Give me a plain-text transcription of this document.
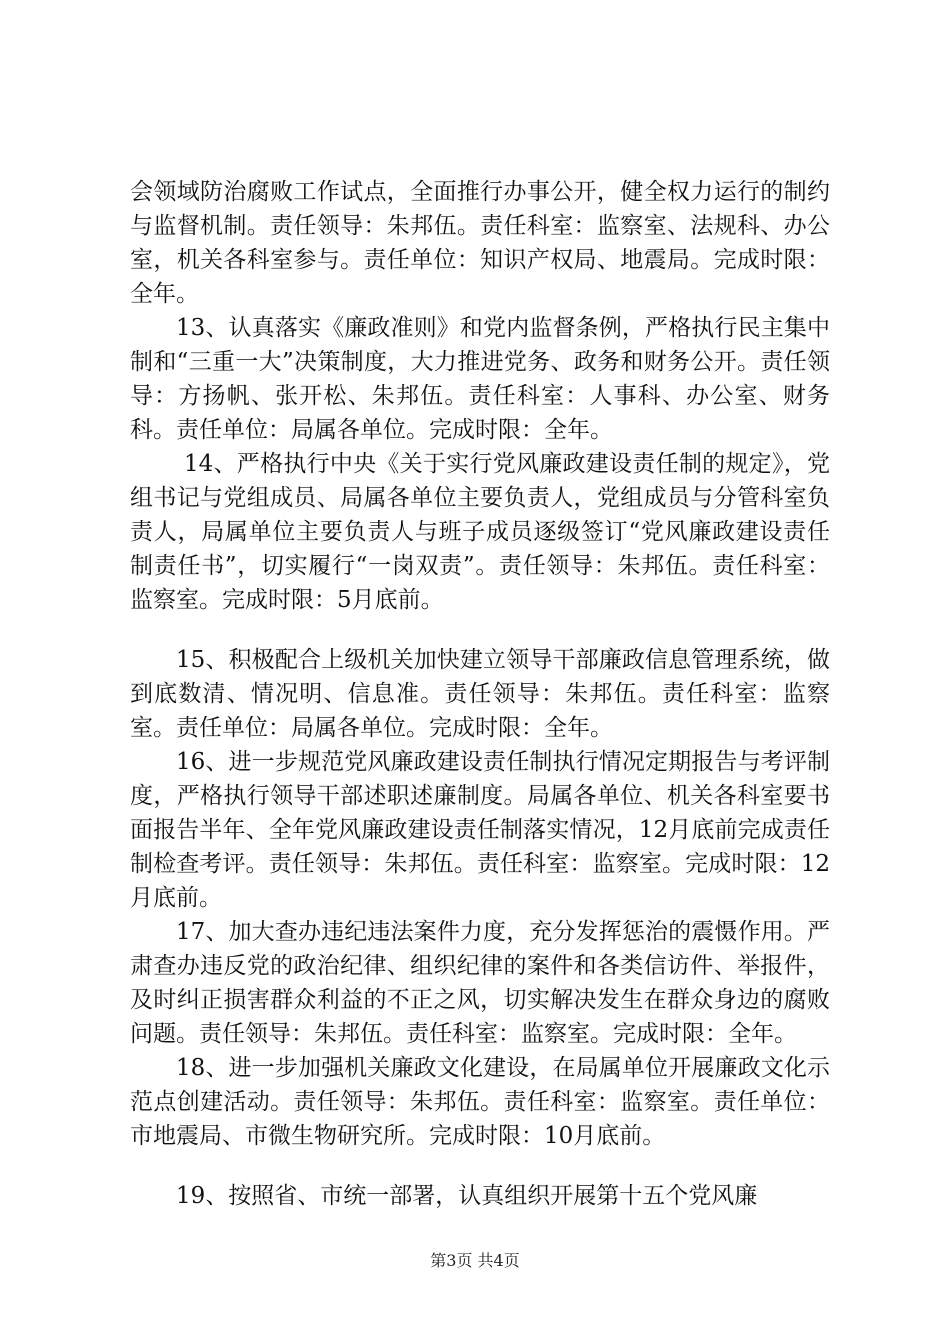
会领域防治腐败工作试点，全面推行办事公开，健全权力运行的制约与监督机制。责任领导：朱邦伍。责任科室：监察室、法规科、办公室，机关各科室参与。责任单位：知识产权局、地震局。完成时限：全年。

13、认真落实《廉政准则》和党内监督条例，严格执行民主集中制和“三重一大”决策制度，大力推进党务、政务和财务公开。责任领导：方扬帆、张开松、朱邦伍。责任科室：人事科、办公室、财务科。责任单位：局属各单位。完成时限：全年。

14、严格执行中央《关于实行党风廉政建设责任制的规定》，党组书记与党组成员、局属各单位主要负责人，党组成员与分管科室负责人，局属单位主要负责人与班子成员逐级签订“党风廉政建设责任制责任书”，切实履行“一岗双责”。责任领导：朱邦伍。责任科室：监察室。完成时限：5月底前。

15、积极配合上级机关加快建立领导干部廉政信息管理系统，做到底数清、情况明、信息准。责任领导：朱邦伍。责任科室：监察室。责任单位：局属各单位。完成时限：全年。

16、进一步规范党风廉政建设责任制执行情况定期报告与考评制度，严格执行领导干部述职述廉制度。局属各单位、机关各科室要书面报告半年、全年党风廉政建设责任制落实情况，12月底前完成责任制检查考评。责任领导：朱邦伍。责任科室：监察室。完成时限：12月底前。

17、加大查办违纪违法案件力度，充分发挥惩治的震慑作用。严肃查办违反党的政治纪律、组织纪律的案件和各类信访件、举报件，及时纠正损害群众利益的不正之风，切实解决发生在群众身边的腐败问题。责任领导：朱邦伍。责任科室：监察室。完成时限：全年。

18、进一步加强机关廉政文化建设，在局属单位开展廉政文化示范点创建活动。责任领导：朱邦伍。责任科室：监察室。责任单位：市地震局、市微生物研究所。完成时限：10月底前。

19、按照省、市统一部署，认真组织开展第十五个党风廉

第3页 共4页
